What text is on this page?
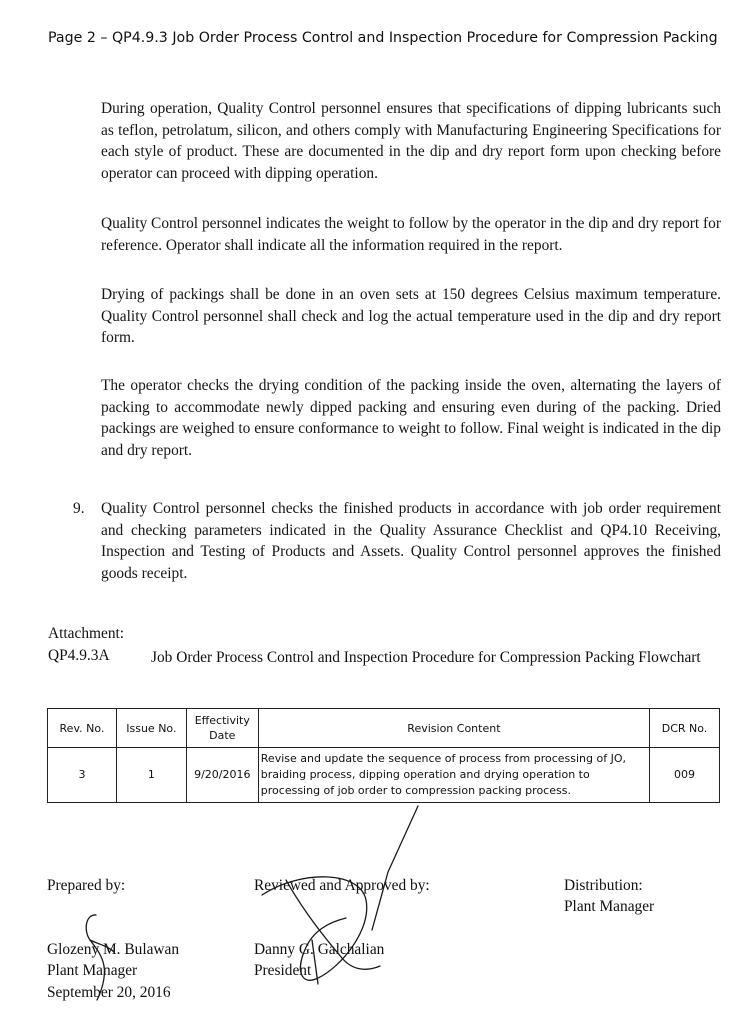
Page 2 – QP4.9.3 Job Order Process Control and Inspection Procedure for Compression Packing
During operation, Quality Control personnel ensures that specifications of dipping lubricants such as teflon, petrolatum, silicon, and others comply with Manufacturing Engineering Specifications for each style of product. These are documented in the dip and dry report form upon checking before operator can proceed with dipping operation.
Quality Control personnel indicates the weight to follow by the operator in the dip and dry report for reference. Operator shall indicate all the information required in the report.
Drying of packings shall be done in an oven sets at 150 degrees Celsius maximum temperature. Quality Control personnel shall check and log the actual temperature used in the dip and dry report form.
The operator checks the drying condition of the packing inside the oven, alternating the layers of packing to accommodate newly dipped packing and ensuring even during of the packing. Dried packings are weighed to ensure conformance to weight to follow. Final weight is indicated in the dip and dry report.
9.	Quality Control personnel checks the finished products in accordance with job order requirement and checking parameters indicated in the Quality Assurance Checklist and QP4.10 Receiving, Inspection and Testing of Products and Assets. Quality Control personnel approves the finished goods receipt.
Attachment:
QP4.9.3A	Job Order Process Control and Inspection Procedure for Compression Packing Flowchart
Rev. No.	Issue No.	Effectivity Date	Revision Content	DCR No.
3	1	9/20/2016	Revise and update the sequence of process from processing of JO, braiding process, dipping operation and drying operation to processing of job order to compression packing process.	009
Prepared by:	Reviewed and Approved by:	Distribution:
Plant Manager
Glozeny M. Bulawan
Plant Manager
September 20, 2016
Danny G. Galchalian
President
